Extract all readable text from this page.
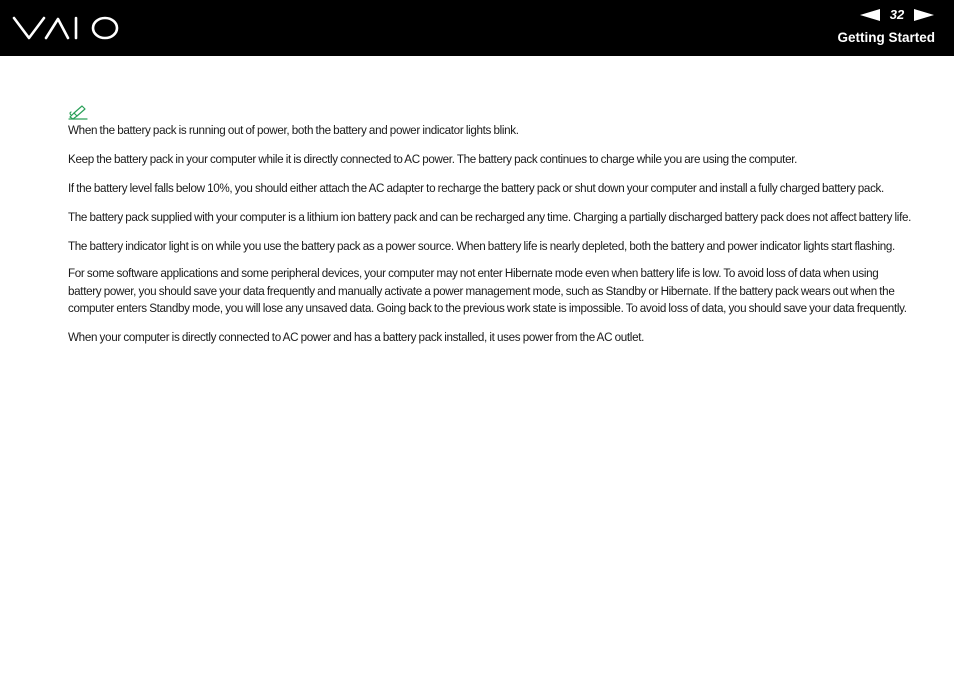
32
Getting Started

When the battery pack is running out of power, both the battery and power indicator lights blink.

Keep the battery pack in your computer while it is directly connected to AC power. The battery pack continues to charge while you are using the computer.

If the battery level falls below 10%, you should either attach the AC adapter to recharge the battery pack or shut down your computer and install a fully charged battery pack.

The battery pack supplied with your computer is a lithium ion battery pack and can be recharged any time. Charging a partially discharged battery pack does not affect battery life.

The battery indicator light is on while you use the battery pack as a power source. When battery life is nearly depleted, both the battery and power indicator lights start flashing.

For some software applications and some peripheral devices, your computer may not enter Hibernate mode even when battery life is low. To avoid loss of data when using battery power, you should save your data frequently and manually activate a power management mode, such as Standby or Hibernate. If the battery pack wears out when the computer enters Standby mode, you will lose any unsaved data. Going back to the previous work state is impossible. To avoid loss of data, you should save your data frequently.

When your computer is directly connected to AC power and has a battery pack installed, it uses power from the AC outlet.
